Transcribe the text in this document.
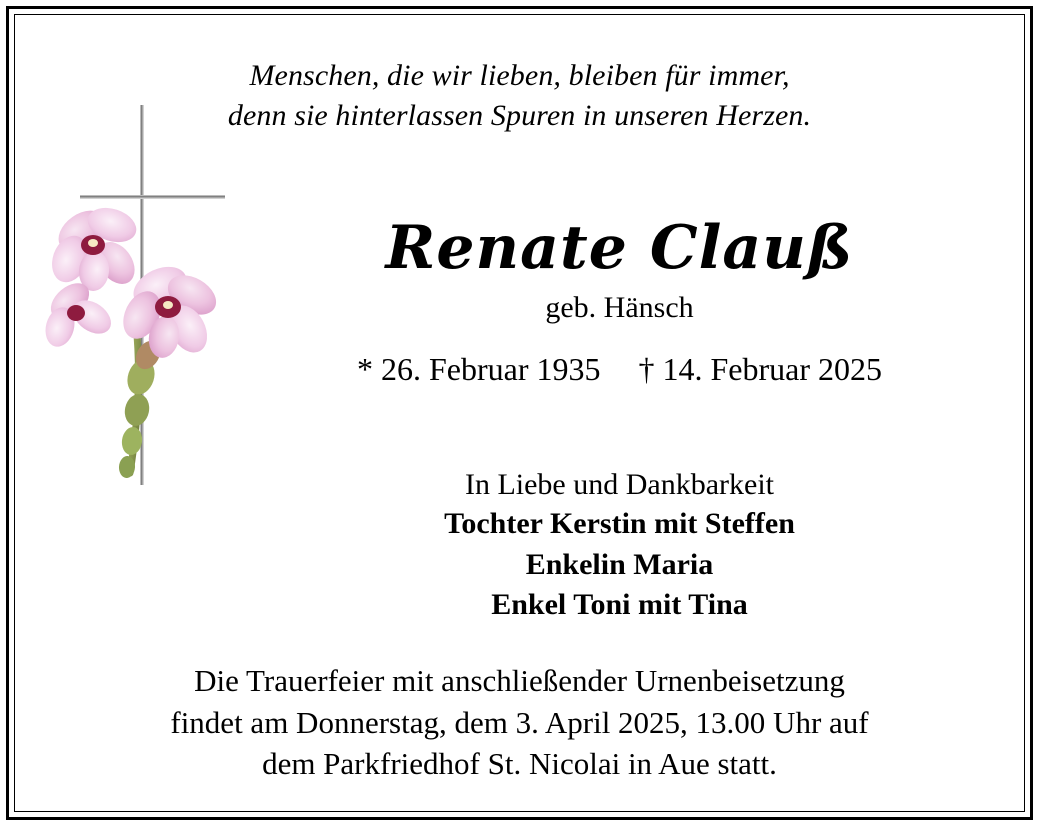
Menschen, die wir lieben, bleiben für immer,
denn sie hinterlassen Spuren in unseren Herzen.
Renate Clauß
geb. Hänsch
* 26. Februar 1935 † 14. Februar 2025
In Liebe und Dankbarkeit
Tochter Kerstin mit Steffen
Enkelin Maria
Enkel Toni mit Tina
Die Trauerfeier mit anschließender Urnenbeisetzung
findet am Donnerstag, dem 3. April 2025, 13.00 Uhr auf
dem Parkfriedhof St. Nicolai in Aue statt.
